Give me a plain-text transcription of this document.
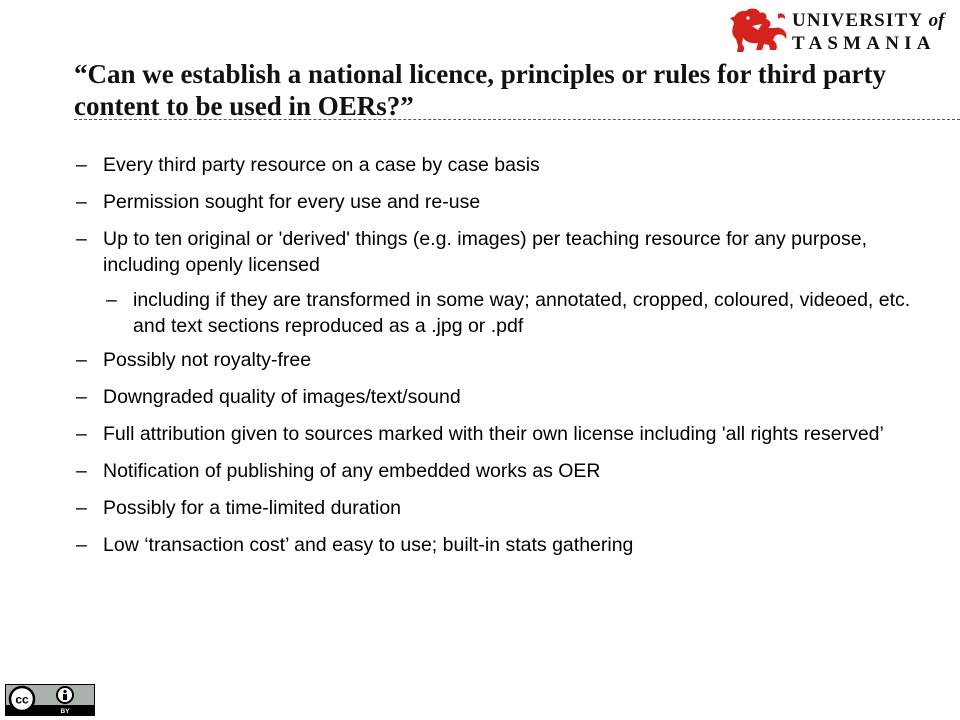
UNIVERSITY of
TASMANIA
“Can we establish a national licence, principles or rules for third party content to be used in OERs?”
– Every third party resource on a case by case basis
– Permission sought for every use and re-use
– Up to ten original or 'derived' things (e.g. images) per teaching resource for any purpose, including openly licensed
– including if they are transformed in some way; annotated, cropped, coloured, videoed, etc. and text sections reproduced as a .jpg or .pdf
– Possibly not royalty-free
– Downgraded quality of images/text/sound
– Full attribution given to sources marked with their own license including 'all rights reserved’
– Notification of publishing of any embedded works as OER
– Possibly for a time-limited duration
– Low ‘transaction cost’ and easy to use; built-in stats gathering
cc
BY
